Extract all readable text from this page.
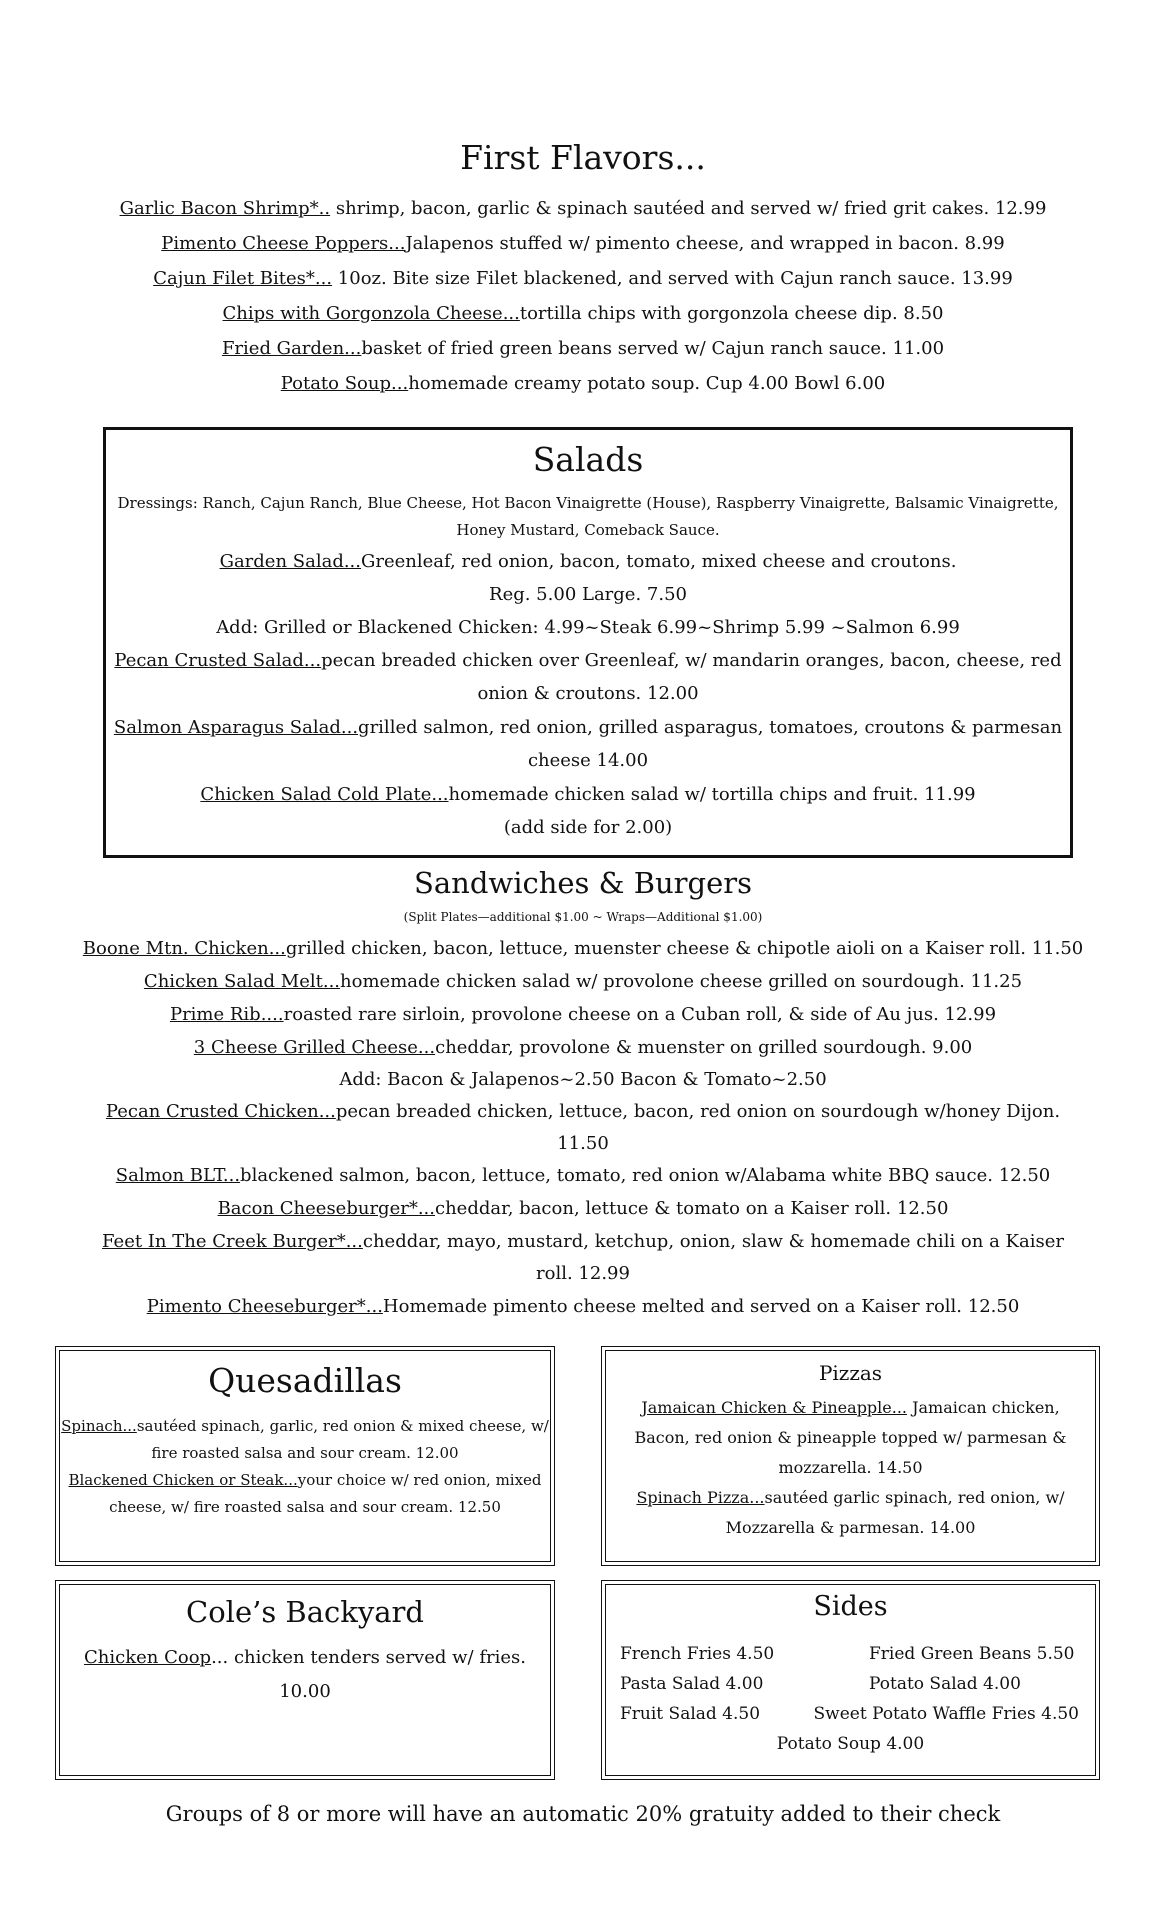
First Flavors...
Garlic Bacon Shrimp*.. shrimp, bacon, garlic & spinach sautéed and served w/ fried grit cakes. 12.99
Pimento Cheese Poppers...Jalapenos stuffed w/ pimento cheese, and wrapped in bacon. 8.99
Cajun Filet Bites*... 10oz. Bite size Filet blackened, and served with Cajun ranch sauce. 13.99
Chips with Gorgonzola Cheese...tortilla chips with gorgonzola cheese dip. 8.50
Fried Garden...basket of fried green beans served w/ Cajun ranch sauce. 11.00
Potato Soup...homemade creamy potato soup. Cup 4.00 Bowl 6.00
Salads
Dressings: Ranch, Cajun Ranch, Blue Cheese, Hot Bacon Vinaigrette (House), Raspberry Vinaigrette, Balsamic Vinaigrette,
Honey Mustard, Comeback Sauce.
Garden Salad...Greenleaf, red onion, bacon, tomato, mixed cheese and croutons.
Reg. 5.00 Large. 7.50
Add: Grilled or Blackened Chicken: 4.99~Steak 6.99~Shrimp 5.99 ~Salmon 6.99
Pecan Crusted Salad...pecan breaded chicken over Greenleaf, w/ mandarin oranges, bacon, cheese, red
onion & croutons. 12.00
Salmon Asparagus Salad...grilled salmon, red onion, grilled asparagus, tomatoes, croutons & parmesan
cheese 14.00
Chicken Salad Cold Plate...homemade chicken salad w/ tortilla chips and fruit. 11.99
(add side for 2.00)
Sandwiches & Burgers
(Split Plates—additional $1.00 ~ Wraps—Additional $1.00)
Boone Mtn. Chicken...grilled chicken, bacon, lettuce, muenster cheese & chipotle aioli on a Kaiser roll. 11.50
Chicken Salad Melt...homemade chicken salad w/ provolone cheese grilled on sourdough. 11.25
Prime Rib....roasted rare sirloin, provolone cheese on a Cuban roll, & side of Au jus. 12.99
3 Cheese Grilled Cheese...cheddar, provolone & muenster on grilled sourdough. 9.00
Add: Bacon & Jalapenos~2.50 Bacon & Tomato~2.50
Pecan Crusted Chicken...pecan breaded chicken, lettuce, bacon, red onion on sourdough w/honey Dijon.
11.50
Salmon BLT...blackened salmon, bacon, lettuce, tomato, red onion w/Alabama white BBQ sauce. 12.50
Bacon Cheeseburger*...cheddar, bacon, lettuce & tomato on a Kaiser roll. 12.50
Feet In The Creek Burger*...cheddar, mayo, mustard, ketchup, onion, slaw & homemade chili on a Kaiser
roll. 12.99
Pimento Cheeseburger*...Homemade pimento cheese melted and served on a Kaiser roll. 12.50
Quesadillas
Spinach...sautéed spinach, garlic, red onion & mixed cheese, w/
fire roasted salsa and sour cream. 12.00
Blackened Chicken or Steak...your choice w/ red onion, mixed
cheese, w/ fire roasted salsa and sour cream. 12.50
Pizzas
Jamaican Chicken & Pineapple... Jamaican chicken,
Bacon, red onion & pineapple topped w/ parmesan &
mozzarella. 14.50
Spinach Pizza...sautéed garlic spinach, red onion, w/
Mozzarella & parmesan. 14.00
Cole’s Backyard
Chicken Coop... chicken tenders served w/ fries.
10.00
Sides
French Fries 4.50	Fried Green Beans 5.50
Pasta Salad 4.00	Potato Salad 4.00
Fruit Salad 4.50	Sweet Potato Waffle Fries 4.50
Potato Soup 4.00
Groups of 8 or more will have an automatic 20% gratuity added to their check
